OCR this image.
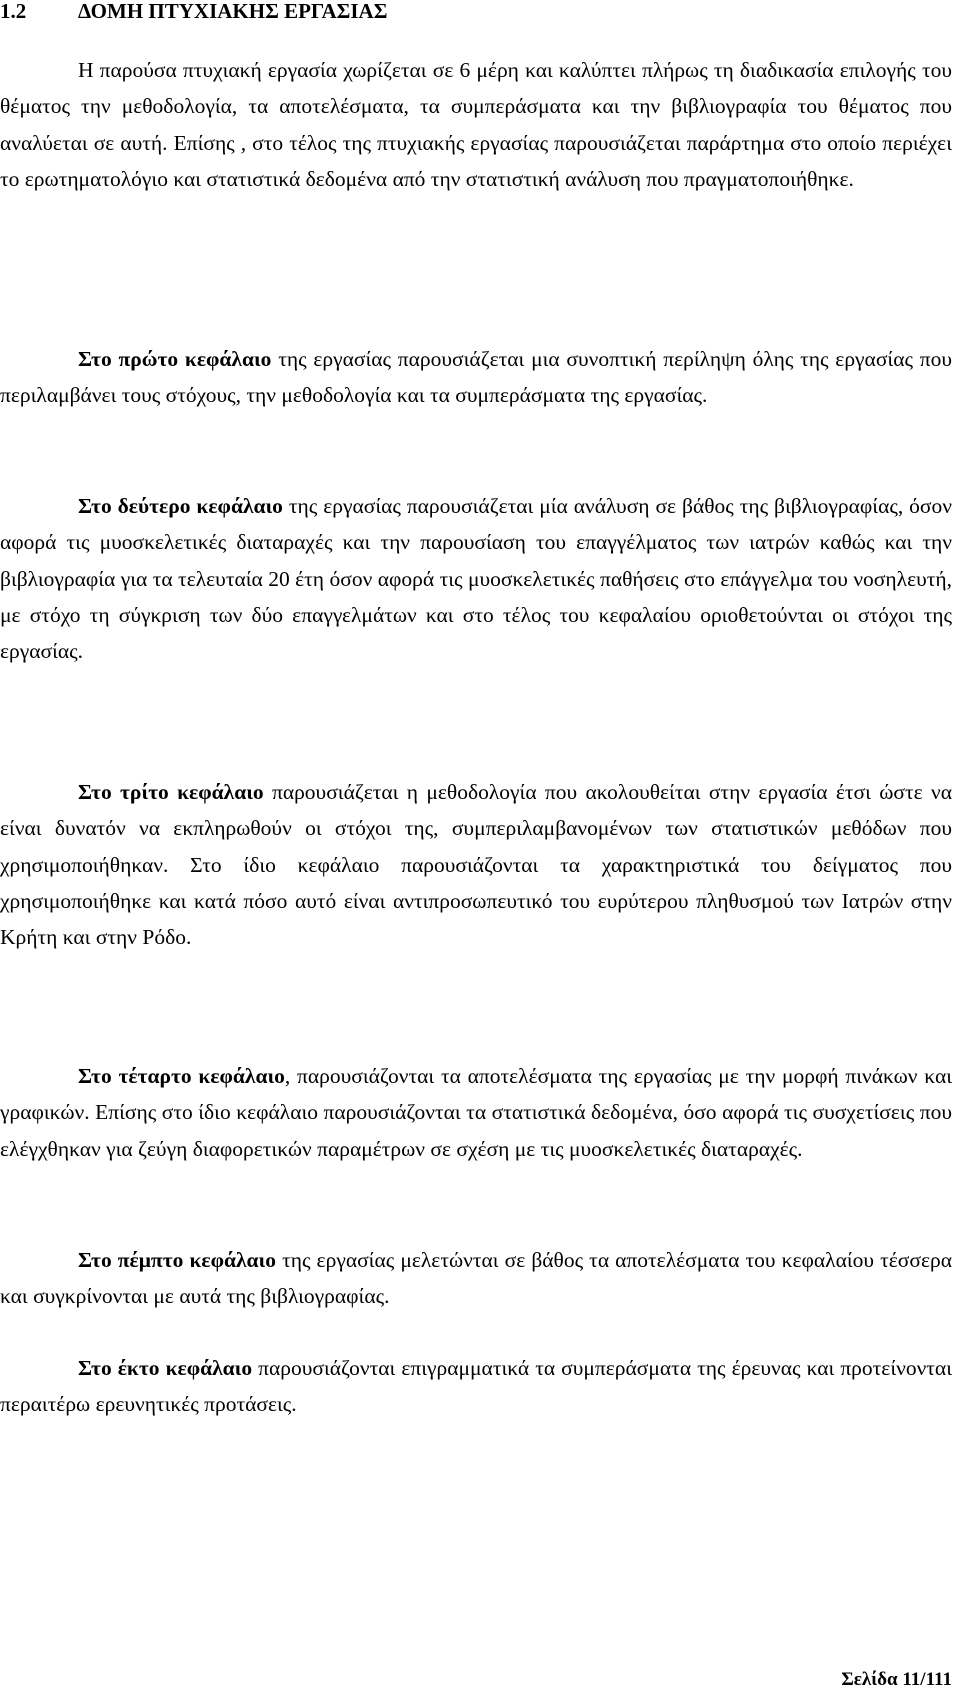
1.2 ΔΟΜΗ ΠΤΥΧΙΑΚΗΣ ΕΡΓΑΣΙΑΣ

Η παρούσα πτυχιακή εργασία χωρίζεται σε 6 μέρη και καλύπτει πλήρως τη διαδικασία επιλογής του θέματος την μεθοδολογία, τα αποτελέσματα, τα συμπεράσματα και την βιβλιογραφία του θέματος που αναλύεται σε αυτή. Επίσης , στο τέλος της πτυχιακής εργασίας παρουσιάζεται παράρτημα στο οποίο περιέχει το ερωτηματολόγιο και στατιστικά δεδομένα από την στατιστική ανάλυση που πραγματοποιήθηκε.

Στο πρώτο κεφάλαιο της εργασίας παρουσιάζεται μια συνοπτική περίληψη όλης της εργασίας που περιλαμβάνει τους στόχους, την μεθοδολογία και τα συμπεράσματα της εργασίας.

Στο δεύτερο κεφάλαιο της εργασίας παρουσιάζεται μία ανάλυση σε βάθος της βιβλιογραφίας, όσον αφορά τις μυοσκελετικές διαταραχές και την παρουσίαση του επαγγέλματος των ιατρών καθώς και την βιβλιογραφία για τα τελευταία 20 έτη όσον αφορά τις μυοσκελετικές παθήσεις στο επάγγελμα του νοσηλευτή, με στόχο τη σύγκριση των δύο επαγγελμάτων και στο τέλος του κεφαλαίου οριοθετούνται οι στόχοι της εργασίας.

Στο τρίτο κεφάλαιο παρουσιάζεται η μεθοδολογία που ακολουθείται στην εργασία έτσι ώστε να είναι δυνατόν να εκπληρωθούν οι στόχοι της, συμπεριλαμβανομένων των στατιστικών μεθόδων που χρησιμοποιήθηκαν. Στο ίδιο κεφάλαιο παρουσιάζονται τα χαρακτηριστικά του δείγματος που χρησιμοποιήθηκε και κατά πόσο αυτό είναι αντιπροσωπευτικό του ευρύτερου πληθυσμού των Ιατρών στην Κρήτη και στην Ρόδο.

Στο τέταρτο κεφάλαιο, παρουσιάζονται τα αποτελέσματα της εργασίας με την μορφή πινάκων και γραφικών. Επίσης στο ίδιο κεφάλαιο παρουσιάζονται τα στατιστικά δεδομένα, όσο αφορά τις συσχετίσεις που ελέγχθηκαν για ζεύγη διαφορετικών παραμέτρων σε σχέση με τις μυοσκελετικές διαταραχές.

Στο πέμπτο κεφάλαιο της εργασίας μελετώνται σε βάθος τα αποτελέσματα του κεφαλαίου τέσσερα και συγκρίνονται με αυτά της βιβλιογραφίας.

Στο έκτο κεφάλαιο παρουσιάζονται επιγραμματικά τα συμπεράσματα της έρευνας και προτείνονται περαιτέρω ερευνητικές προτάσεις.

Σελίδα 11/111
